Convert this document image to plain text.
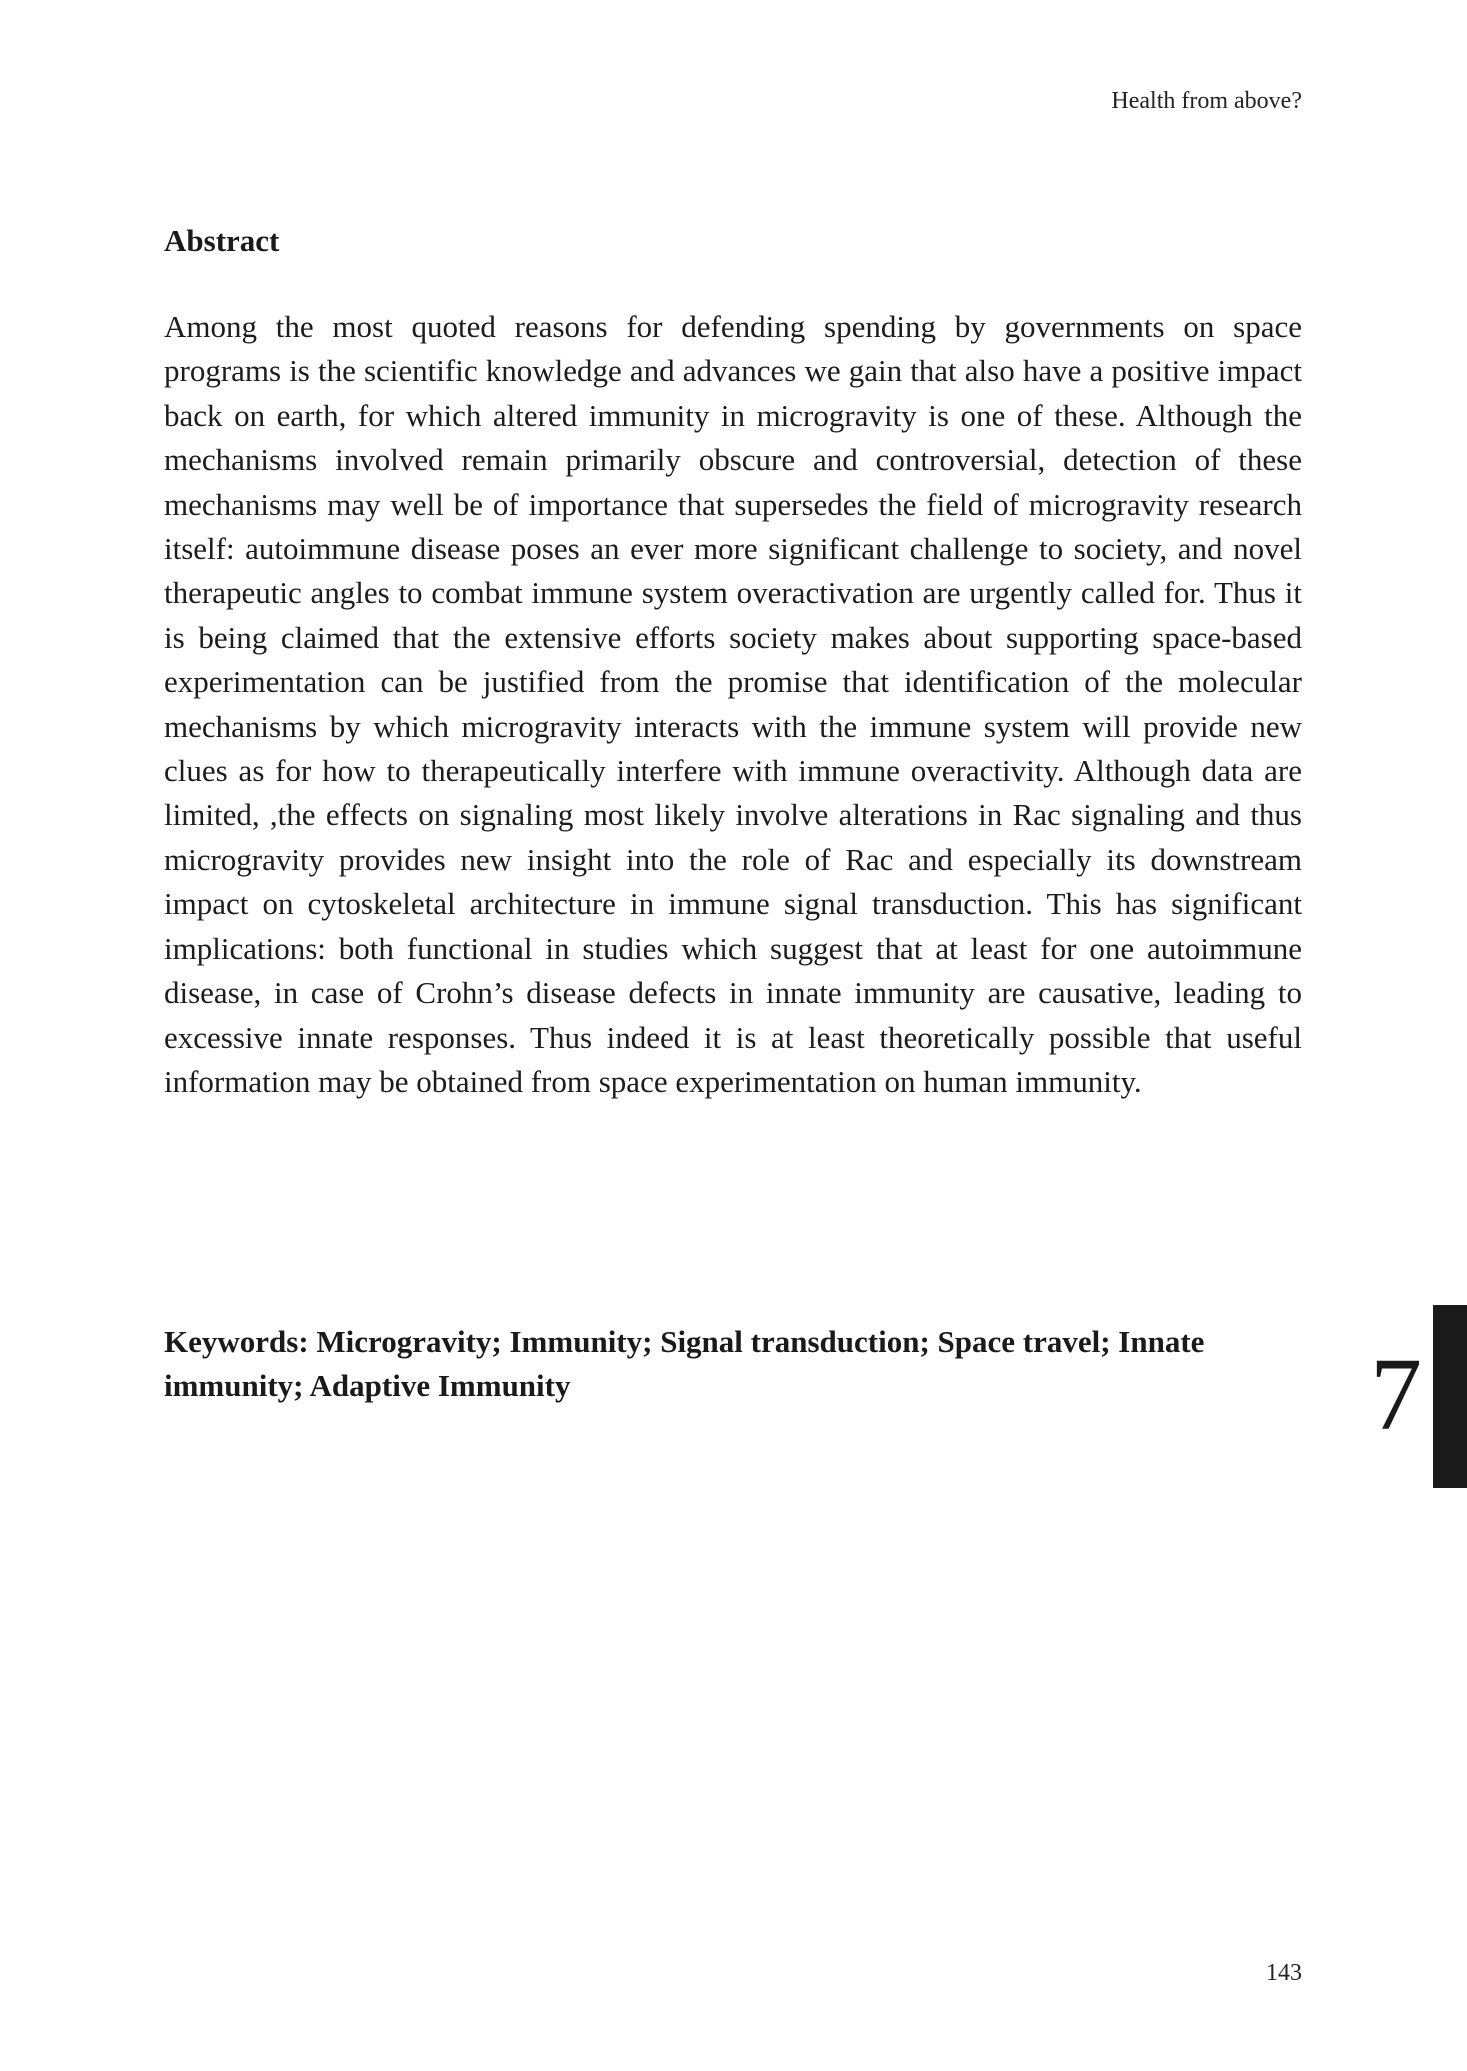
Health from above?
Abstract

Among the most quoted reasons for defending spending by governments on space programs is the scientific knowledge and advances we gain that also have a positive impact back on earth, for which altered immunity in microgravity is one of these. Although the mechanisms involved remain primarily obscure and controversial, detection of these mechanisms may well be of importance that supersedes the field of microgravity research itself: autoimmune disease poses an ever more significant challenge to society, and novel therapeutic angles to combat immune system overactivation are urgently called for. Thus it is being claimed that the extensive efforts society makes about supporting space-based experimentation can be justified from the promise that identification of the molecular mechanisms by which microgravity interacts with the immune system will provide new clues as for how to therapeutically interfere with immune overactivity. Although data are limited, ,the effects on signaling most likely involve alterations in Rac signaling and thus microgravity provides new insight into the role of Rac and especially its downstream impact on cytoskeletal architecture in immune signal transduction. This has significant implications: both functional in studies which suggest that at least for one autoimmune disease, in case of Crohn’s disease defects in innate immunity are causative, leading to excessive innate responses. Thus indeed it is at least theoretically possible that useful information may be obtained from space experimentation on human immunity.

Keywords: Microgravity; Immunity; Signal transduction; Space travel; Innate immunity; Adaptive Immunity	7
143
